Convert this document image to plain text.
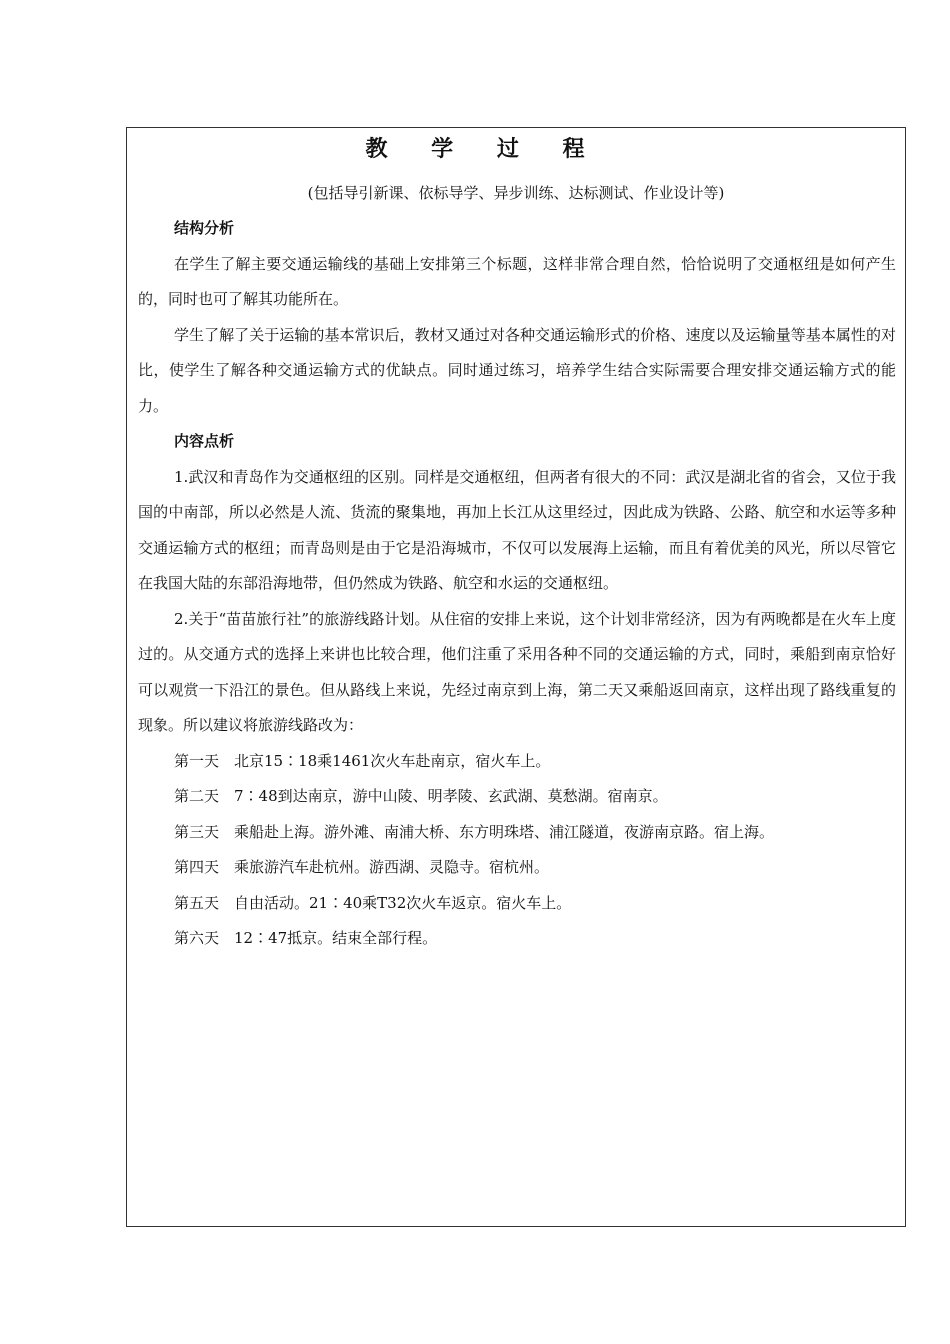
教 学 过 程
(包括导引新课、依标导学、异步训练、达标测试、作业设计等)

结构分析

在学生了解主要交通运输线的基础上安排第三个标题，这样非常合理自然，恰恰说明了交通枢纽是如何产生的，同时也可了解其功能所在。

学生了解了关于运输的基本常识后，教材又通过对各种交通运输形式的价格、速度以及运输量等基本属性的对比，使学生了解各种交通运输方式的优缺点。同时通过练习，培养学生结合实际需要合理安排交通运输方式的能力。

内容点析

1.武汉和青岛作为交通枢纽的区别。同样是交通枢纽，但两者有很大的不同：武汉是湖北省的省会，又位于我国的中南部，所以必然是人流、货流的聚集地，再加上长江从这里经过，因此成为铁路、公路、航空和水运等多种交通运输方式的枢纽；而青岛则是由于它是沿海城市，不仅可以发展海上运输，而且有着优美的风光，所以尽管它在我国大陆的东部沿海地带，但仍然成为铁路、航空和水运的交通枢纽。

2.关于“苗苗旅行社”的旅游线路计划。从住宿的安排上来说，这个计划非常经济，因为有两晚都是在火车上度过的。从交通方式的选择上来讲也比较合理，他们注重了采用各种不同的交通运输的方式，同时，乘船到南京恰好可以观赏一下沿江的景色。但从路线上来说，先经过南京到上海，第二天又乘船返回南京，这样出现了路线重复的现象。所以建议将旅游线路改为：

第一天　北京15∶18乘1461次火车赴南京，宿火车上。

第二天　7∶48到达南京，游中山陵、明孝陵、玄武湖、莫愁湖。宿南京。

第三天　乘船赴上海。游外滩、南浦大桥、东方明珠塔、浦江隧道，夜游南京路。宿上海。

第四天　乘旅游汽车赴杭州。游西湖、灵隐寺。宿杭州。

第五天　自由活动。21∶40乘T32次火车返京。宿火车上。

第六天　12∶47抵京。结束全部行程。
